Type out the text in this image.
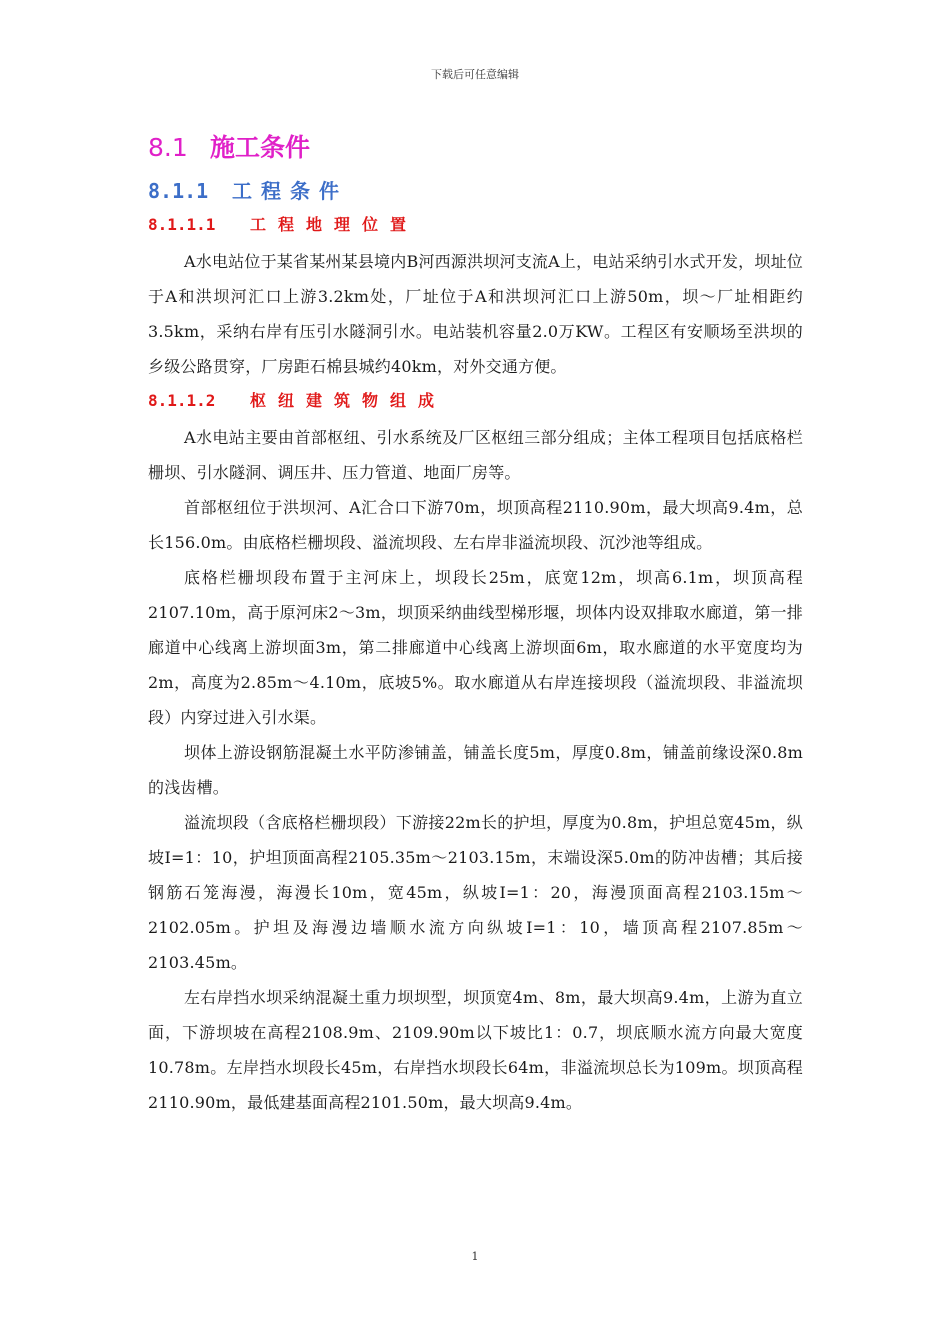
下载后可任意编辑
8.1 施工条件
8.1.1 工程条件
8.1.1.1 工程地理位置

A水电站位于某省某州某县境内B河西源洪坝河支流A上，电站采纳引水式开发，坝址位于A和洪坝河汇口上游3.2km处，厂址位于A和洪坝河汇口上游50m，坝～厂址相距约3.5km，采纳右岸有压引水隧洞引水。电站装机容量2.0万KW。工程区有安顺场至洪坝的乡级公路贯穿，厂房距石棉县城约40km，对外交通方便。

8.1.1.2 枢纽建筑物组成

A水电站主要由首部枢纽、引水系统及厂区枢纽三部分组成；主体工程项目包括底格栏栅坝、引水隧洞、调压井、压力管道、地面厂房等。

首部枢纽位于洪坝河、A汇合口下游70m，坝顶高程2110.90m，最大坝高9.4m，总长156.0m。由底格栏栅坝段、溢流坝段、左右岸非溢流坝段、沉沙池等组成。

底格栏栅坝段布置于主河床上，坝段长25m，底宽12m，坝高6.1m，坝顶高程2107.10m，高于原河床2～3m，坝顶采纳曲线型梯形堰，坝体内设双排取水廊道，第一排廊道中心线离上游坝面3m，第二排廊道中心线离上游坝面6m，取水廊道的水平宽度均为2m，高度为2.85m～4.10m，底坡5%。取水廊道从右岸连接坝段（溢流坝段、非溢流坝段）内穿过进入引水渠。

坝体上游设钢筋混凝土水平防渗铺盖，铺盖长度5m，厚度0.8m，铺盖前缘设深0.8m的浅齿槽。

溢流坝段（含底格栏栅坝段）下游接22m长的护坦，厚度为0.8m，护坦总宽45m，纵坡I=1：10，护坦顶面高程2105.35m～2103.15m，末端设深5.0m的防冲齿槽；其后接钢筋石笼海漫，海漫长10m，宽45m，纵坡I=1：20，海漫顶面高程2103.15m～2102.05m。护坦及海漫边墙顺水流方向纵坡I=1：10，墙顶高程2107.85m～2103.45m。

左右岸挡水坝采纳混凝土重力坝坝型，坝顶宽4m、8m，最大坝高9.4m，上游为直立面，下游坝坡在高程2108.9m、2109.90m以下坡比1：0.7，坝底顺水流方向最大宽度10.78m。左岸挡水坝段长45m，右岸挡水坝段长64m，非溢流坝总长为109m。坝顶高程2110.90m，最低建基面高程2101.50m，最大坝高9.4m。

1
